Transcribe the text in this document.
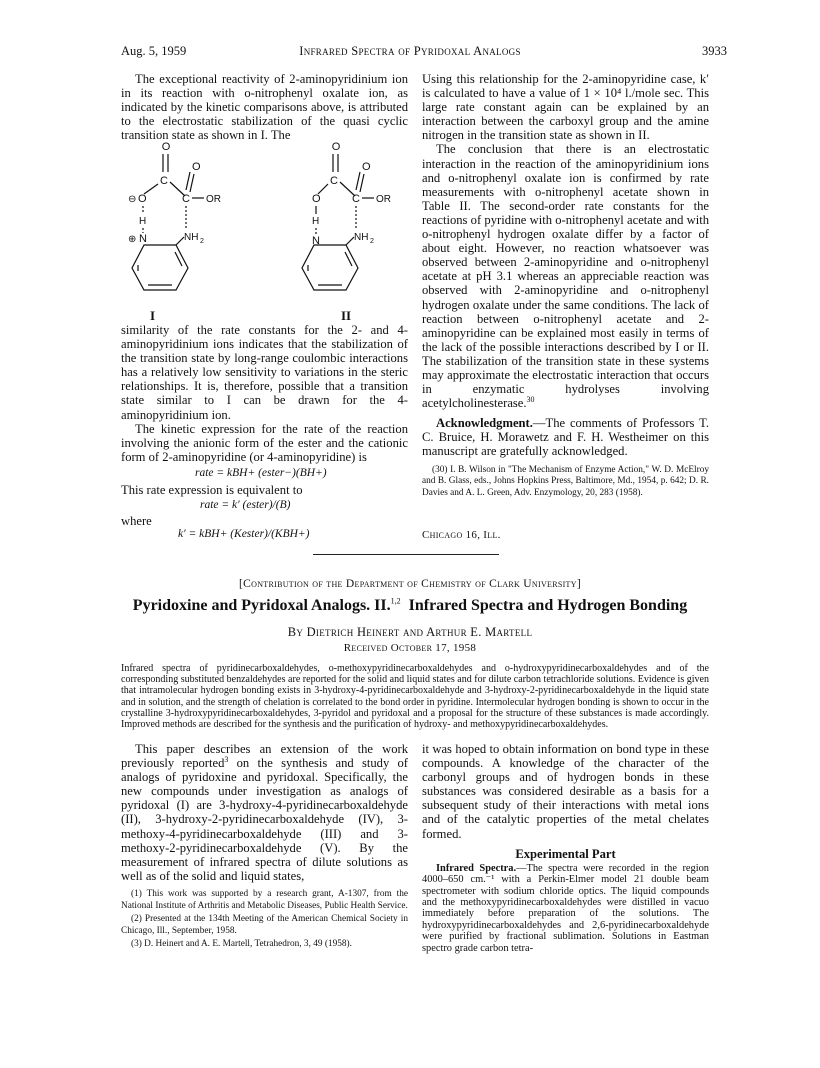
Aug. 5, 1959	Infrared Spectra of Pyridoxal Analogs	3933

The exceptional reactivity of 2-aminopyridinium ion in its reaction with o-nitrophenyl oxalate ion, as indicated by the kinetic comparisons above, is attributed to the electrostatic stabilization of the quasi cyclic transition state as shown in I. The

O
C
O
C OR
⊖ O
H
⊕ N	NH 2
O
C
O
C OR
O
H
N	NH 2
I	II

similarity of the rate constants for the 2- and 4-aminopyridinium ions indicates that the stabilization of the transition state by long-range coulombic interactions has a relatively low sensitivity to variations in the steric relationships. It is, therefore, possible that a transition state similar to I can be drawn for the 4-aminopyridinium ion.

The kinetic expression for the rate of the reaction involving the anionic form of the ester and the cationic form of 2-aminopyridine (or 4-aminopyridine) is

rate = kBH+ (ester−)(BH+)
This rate expression is equivalent to
rate = k′ (ester)/(B)
where
k′ = kBH+ (Kester)/(KBH+)

Using this relationship for the 2-aminopyridine case, k′ is calculated to have a value of 1 × 10⁴ l./mole sec. This large rate constant again can be explained by an interaction between the carboxyl group and the amine nitrogen in the transition state as shown in II.

The conclusion that there is an electrostatic interaction in the reaction of the aminopyridinium ions and o-nitrophenyl oxalate ion is confirmed by rate measurements with o-nitrophenyl acetate shown in Table II. The second-order rate constants for the reactions of pyridine with o-nitrophenyl acetate and with o-nitrophenyl hydrogen oxalate differ by a factor of about eight. However, no reaction whatsoever was observed between 2-aminopyridine and o-nitrophenyl acetate at pH 3.1 whereas an appreciable reaction was observed with 2-aminopyridine and o-nitrophenyl hydrogen oxalate under the same conditions. The lack of reaction between o-nitrophenyl acetate and 2-aminopyridine can be explained most easily in terms of the lack of the possible interactions described by I or II. The stabilization of the transition state in these systems may approximate the electrostatic interaction that occurs in enzymatic hydrolyses involving acetylcholinesterase.$^{30}$

Acknowledgment.—The comments of Professors T. C. Bruice, H. Morawetz and F. H. Westheimer on this manuscript are gratefully acknowledged.

(30) I. B. Wilson in "The Mechanism of Enzyme Action," W. D. McElroy and B. Glass, eds., Johns Hopkins Press, Baltimore, Md., 1954, p. 642; D. R. Davies and A. L. Green, Adv. Enzymology, 20, 283 (1958).

Chicago 16, Ill.
[Contribution of the Department of Chemistry of Clark University]
Pyridoxine and Pyridoxal Analogs. II.$^{1,2}$ Infrared Spectra and Hydrogen Bonding
By Dietrich Heinert and Arthur E. Martell
Received October 17, 1958
Infrared spectra of pyridinecarboxaldehydes, o-methoxypyridinecarboxaldehydes and o-hydroxypyridinecarboxaldehydes and of the corresponding substituted benzaldehydes are reported for the solid and liquid states and for dilute carbon tetrachloride solutions. Evidence is given that intramolecular hydrogen bonding exists in 3-hydroxy-4-pyridinecarboxaldehyde and 3-hydroxy-2-pyridinecarboxaldehyde in the liquid state and in solution, and the strength of chelation is correlated to the bond order in pyridine. Intermolecular hydrogen bonding is shown to occur in the crystalline 3-hydroxypyridinecarboxaldehydes, 3-pyridol and pyridoxal and a proposal for the structure of these substances is made accordingly. Improved methods are described for the synthesis and the purification of hydroxy- and methoxypyridinecarboxaldehydes.

This paper describes an extension of the work previously reported$^3$ on the synthesis and study of analogs of pyridoxine and pyridoxal. Specifically, the new compounds under investigation as analogs of pyridoxal (I) are 3-hydroxy-4-pyridinecarboxaldehyde (II), 3-hydroxy-2-pyridinecarboxaldehyde (IV), 3-methoxy-4-pyridinecarboxaldehyde (III) and 3-methoxy-2-pyridinecarboxaldehyde (V). By the measurement of infrared spectra of dilute solutions as well as of the solid and liquid states,

(1) This work was supported by a research grant, A-1307, from the National Institute of Arthritis and Metabolic Diseases, Public Health Service.

(2) Presented at the 134th Meeting of the American Chemical Society in Chicago, Ill., September, 1958.

(3) D. Heinert and A. E. Martell, Tetrahedron, 3, 49 (1958).

it was hoped to obtain information on bond type in these compounds. A knowledge of the character of the carbonyl groups and of hydrogen bonds in these substances was considered desirable as a basis for a subsequent study of their interactions with metal ions and of the catalytic properties of the metal chelates formed.

Experimental Part

Infrared Spectra.—The spectra were recorded in the region 4000–650 cm.⁻¹ with a Perkin-Elmer model 21 double beam spectrometer with sodium chloride optics. The liquid compounds and the methoxypyridinecarboxaldehydes were distilled in vacuo immediately before preparation of the solutions. The hydroxypyridinecarboxaldehydes and 2,6-pyridinecarboxaldehyde were purified by fractional sublimation. Solutions in Eastman spectro grade carbon tetra-
